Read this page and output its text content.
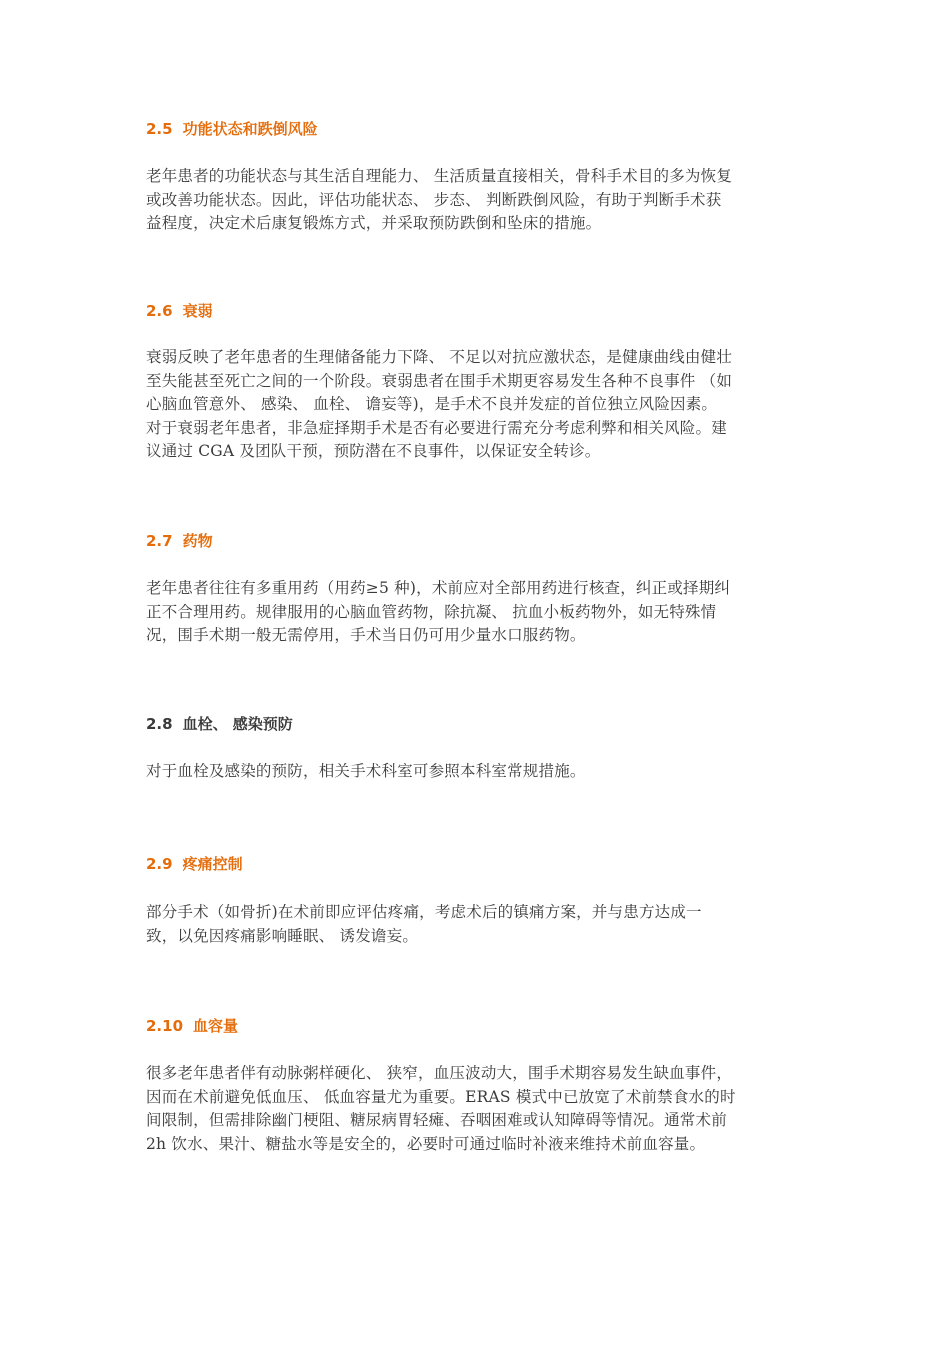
2.5 功能状态和跌倒风险
老年患者的功能状态与其生活自理能力、 生活质量直接相关，骨科手术目的多为恢复
或改善功能状态。因此，评估功能状态、 步态、 判断跌倒风险，有助于判断手术获
益程度，决定术后康复锻炼方式，并采取预防跌倒和坠床的措施。
2.6 衰弱
衰弱反映了老年患者的生理储备能力下降、 不足以对抗应激状态，是健康曲线由健壮
至失能甚至死亡之间的一个阶段。衰弱患者在围手术期更容易发生各种不良事件 （如
心脑血管意外、 感染、 血栓、 谵妄等)，是手术不良并发症的首位独立风险因素。
对于衰弱老年患者，非急症择期手术是否有必要进行需充分考虑利弊和相关风险。建
议通过 CGA 及团队干预，预防潜在不良事件，以保证安全转诊。
2.7 药物
老年患者往往有多重用药（用药≥5 种)，术前应对全部用药进行核查，纠正或择期纠
正不合理用药。规律服用的心脑血管药物，除抗凝、 抗血小板药物外，如无特殊情
况，围手术期一般无需停用，手术当日仍可用少量水口服药物。
2.8 血栓、 感染预防
对于血栓及感染的预防，相关手术科室可参照本科室常规措施。
2.9 疼痛控制
部分手术（如骨折)在术前即应评估疼痛，考虑术后的镇痛方案，并与患方达成一
致，以免因疼痛影响睡眠、 诱发谵妄。
2.10 血容量
很多老年患者伴有动脉粥样硬化、 狭窄，血压波动大，围手术期容易发生缺血事件，
因而在术前避免低血压、 低血容量尤为重要。ERAS 模式中已放宽了术前禁食水的时
间限制，但需排除幽门梗阻、糖尿病胃轻瘫、吞咽困难或认知障碍等情况。通常术前
2h 饮水、果汁、糖盐水等是安全的，必要时可通过临时补液来维持术前血容量。
